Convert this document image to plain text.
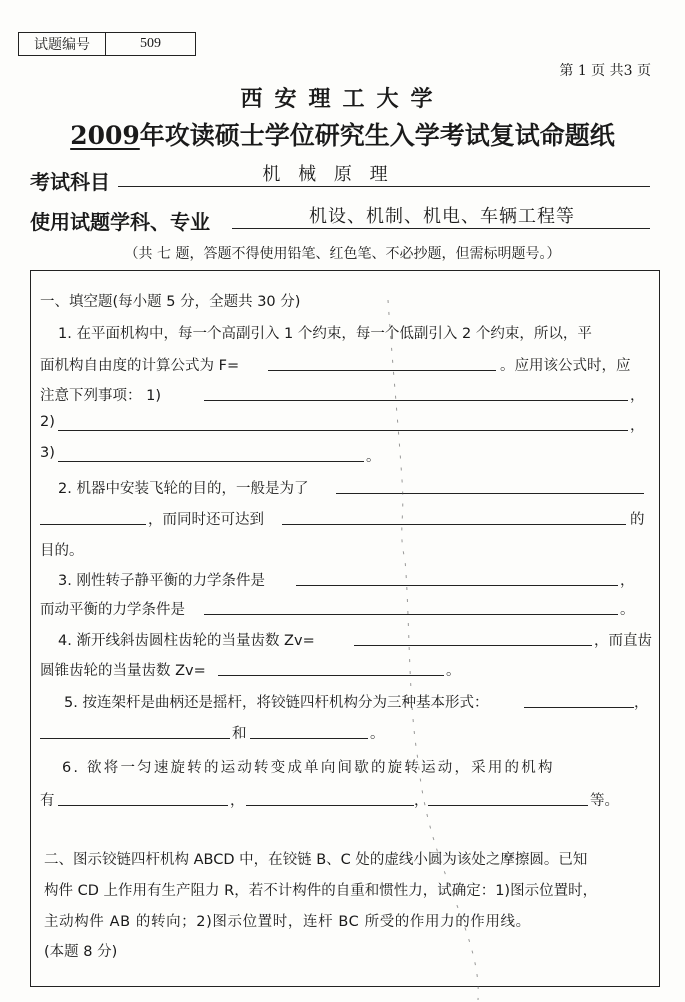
试题编号	509
第 1 页 共3 页
西安理工大学
2009年攻读硕士学位研究生入学考试复试命题纸
考试科目	机 械 原 理
使用试题学科、专业	机设、机制、机电、车辆工程等
（共 七 题，答题不得使用铅笔、红色笔、不必抄题，但需标明题号。）
一、填空题(每小题 5 分，全题共 30 分)
1. 在平面机构中，每一个高副引入 1 个约束，每一个低副引入 2 个约束，所以，平
面机构自由度的计算公式为 F=	。应用该公式时，应
注意下列事项： 1)	，
2)	，
3)	。
2. 机器中安装飞轮的目的，一般是为了
，而同时还可达到	的
目的。
3. 刚性转子静平衡的力学条件是	，
而动平衡的力学条件是	。
4. 渐开线斜齿圆柱齿轮的当量齿数 Zv=	，而直齿
圆锥齿轮的当量齿数 Zv=	。
5. 按连架杆是曲柄还是摇杆，将铰链四杆机构分为三种基本形式：	，
和	。
6. 欲将一匀速旋转的运动转变成单向间歇的旋转运动，采用的机构
有	，	，	等。
二、图示铰链四杆机构 ABCD 中，在铰链 B、C 处的虚线小圆为该处之摩擦圆。已知
构件 CD 上作用有生产阻力 R，若不计构件的自重和惯性力，试确定：1)图示位置时，
主动构件 AB 的转向；2)图示位置时，连杆 BC 所受的作用力的作用线。
(本题 8 分)
